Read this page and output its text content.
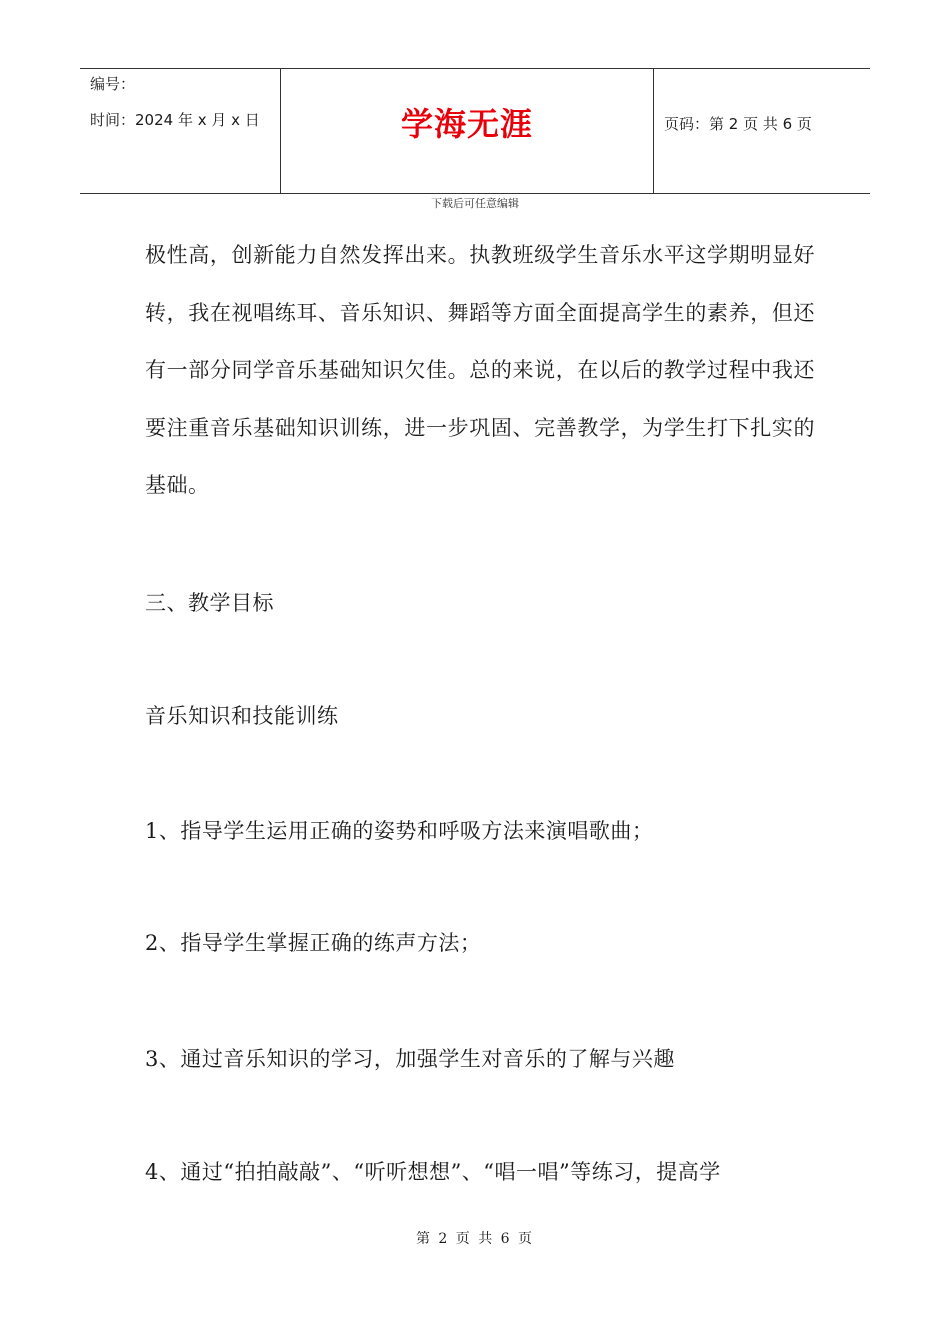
编号：
时间：2024 年 x 月 x 日	学海无涯	页码：第 2 页 共 6 页
下载后可任意编辑
极性高，创新能力自然发挥出来。执教班级学生音乐水平这学期明显好转，我在视唱练耳、音乐知识、舞蹈等方面全面提高学生的素养，但还有一部分同学音乐基础知识欠佳。总的来说，在以后的教学过程中我还要注重音乐基础知识训练，进一步巩固、完善教学，为学生打下扎实的基础。
三、教学目标
音乐知识和技能训练
1、指导学生运用正确的姿势和呼吸方法来演唱歌曲；
2、指导学生掌握正确的练声方法；
3、通过音乐知识的学习，加强学生对音乐的了解与兴趣
4、通过“拍拍敲敲”、“听听想想”、“唱一唱”等练习，提高学
第 2 页 共 6 页
